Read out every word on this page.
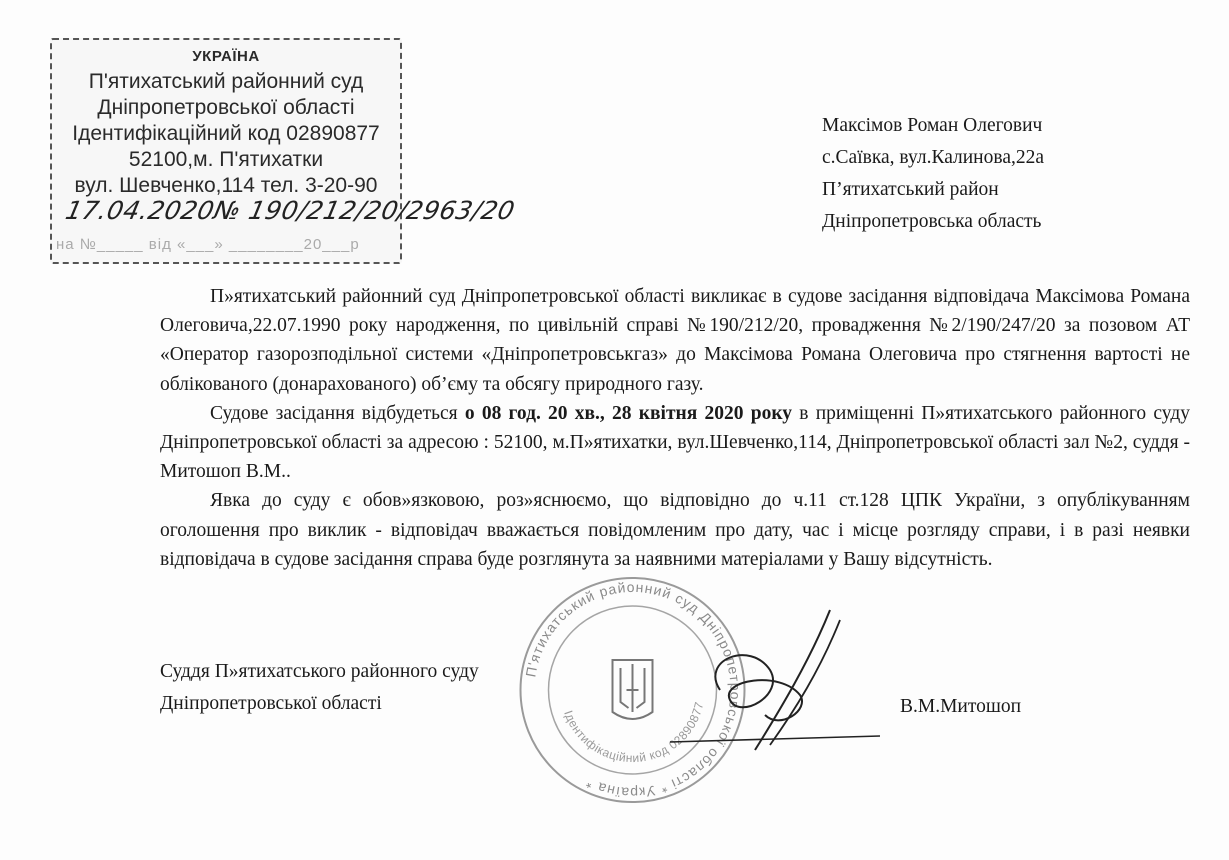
УКРАЇНА
П'ятихатський районний суд
Дніпропетровської області
Ідентифікаційний код 02890877
52100,м. П'ятихатки
вул. Шевченко,114 тел. 3-20-90
17.04.2020№ 190/212/20/2963/20
на №_____ від «___» ________20___р
Максімов Роман Олегович
с.Саївка, вул.Калинова,22а
П’ятихатський район
Дніпропетровська область

П»ятихатський районний суд Дніпропетровської області викликає в судове засідання відповідача Максімова Романа Олеговича,22.07.1990 року народження, по цивільній справі №190/212/20, провадження №2/190/247/20 за позовом АТ «Оператор газорозподільної системи «Дніпропетровськгаз» до Максімова Романа Олеговича про стягнення вартості не облікованого (донарахованого) об’єму та обсягу природного газу.

Судове засідання відбудеться о 08 год. 20 хв., 28 квітня 2020 року в приміщенні П»ятихатського районного суду Дніпропетровської області за адресою : 52100, м.П»ятихатки, вул.Шевченко,114, Дніпропетровської області зал №2, суддя - Митошоп В.М..

Явка до суду є обов»язковою, роз»яснюємо, що відповідно до ч.11 ст.128 ЦПК України, з опублікуванням оголошення про виклик - відповідач вважається повідомленим про дату, час і місце розгляду справи, і в разі неявки відповідача в судове засідання справа буде розглянута за наявними матеріалами у Вашу відсутність.

П'ятихатський районний суд Дніпропетровської області * Україна *
Ідентифікаційний код 02890877
Суддя П»ятихатського районного суду
Дніпропетровської області	В.М.Митошоп
